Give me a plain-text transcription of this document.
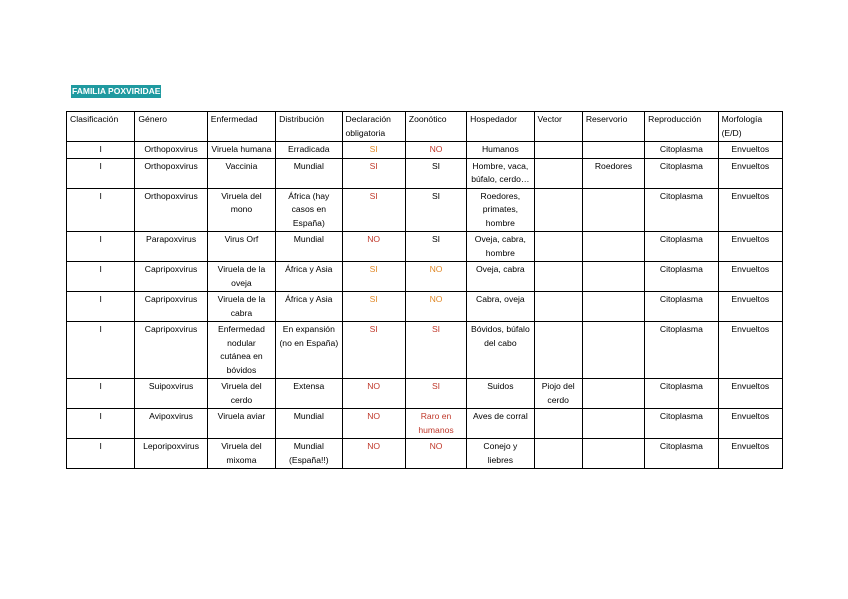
FAMILIA POXVIRIDAE
Clasificación	Género	Enfermedad	Distribución	Declaración obligatoria	Zoonótico	Hospedador	Vector	Reservorio	Reproducción	Morfología (E/D)
I	Orthopoxvirus	Viruela humana	Erradicada	SI	NO	Humanos			Citoplasma	Envueltos
I	Orthopoxvirus	Vaccinia	Mundial	SI	SI	Hombre, vaca, búfalo, cerdo…		Roedores	Citoplasma	Envueltos
I	Orthopoxvirus	Viruela del mono	África (hay casos en España)	SI	SI	Roedores, primates, hombre			Citoplasma	Envueltos
I	Parapoxvirus	Virus Orf	Mundial	NO	SI	Oveja, cabra, hombre			Citoplasma	Envueltos
I	Capripoxvirus	Viruela de la oveja	África y Asia	SI	NO	Oveja, cabra			Citoplasma	Envueltos
I	Capripoxvirus	Viruela de la cabra	África y Asia	SI	NO	Cabra, oveja			Citoplasma	Envueltos
I	Capripoxvirus	Enfermedad nodular cutánea en bóvidos	En expansión (no en España)	SI	SI	Bóvidos, búfalo del cabo			Citoplasma	Envueltos
I	Suipoxvirus	Viruela del cerdo	Extensa	NO	SI	Suidos	Piojo del cerdo		Citoplasma	Envueltos
I	Avipoxvirus	Viruela aviar	Mundial	NO	Raro en humanos	Aves de corral			Citoplasma	Envueltos
I	Leporipoxvirus	Viruela del mixoma	Mundial (España!!)	NO	NO	Conejo y liebres			Citoplasma	Envueltos
